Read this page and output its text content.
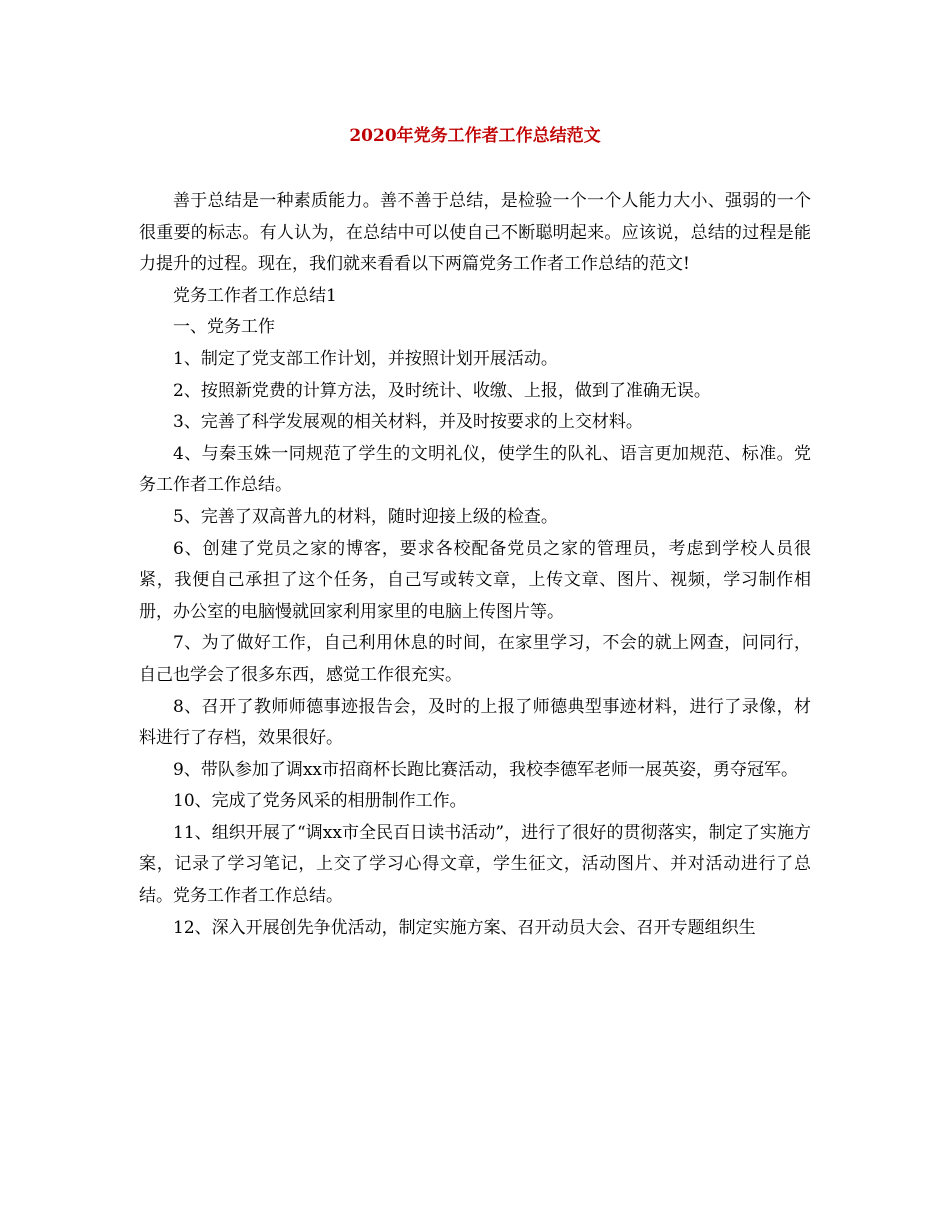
2020年党务工作者工作总结范文

善于总结是一种素质能力。善不善于总结，是检验一个一个人能力大小、强弱的一个很重要的标志。有人认为，在总结中可以使自己不断聪明起来。应该说，总结的过程是能力提升的过程。现在，我们就来看看以下两篇党务工作者工作总结的范文!

党务工作者工作总结1

一、党务工作

1、制定了党支部工作计划，并按照计划开展活动。

2、按照新党费的计算方法，及时统计、收缴、上报，做到了准确无误。

3、完善了科学发展观的相关材料，并及时按要求的上交材料。

4、与秦玉姝一同规范了学生的文明礼仪，使学生的队礼、语言更加规范、标准。党务工作者工作总结。

5、完善了双高普九的材料，随时迎接上级的检查。

6、创建了党员之家的博客，要求各校配备党员之家的管理员，考虑到学校人员很紧，我便自己承担了这个任务，自己写或转文章，上传文章、图片、视频，学习制作相册，办公室的电脑慢就回家利用家里的电脑上传图片等。

7、为了做好工作，自己利用休息的时间，在家里学习，不会的就上网查，问同行，自己也学会了很多东西，感觉工作很充实。

8、召开了教师师德事迹报告会，及时的上报了师德典型事迹材料，进行了录像，材料进行了存档，效果很好。

9、带队参加了调xx市招商杯长跑比赛活动，我校李德军老师一展英姿，勇夺冠军。

10、完成了党务风采的相册制作工作。

11、组织开展了“调xx市全民百日读书活动”，进行了很好的贯彻落实，制定了实施方案，记录了学习笔记，上交了学习心得文章，学生征文，活动图片、并对活动进行了总结。党务工作者工作总结。

12、深入开展创先争优活动，制定实施方案、召开动员大会、召开专题组织生
